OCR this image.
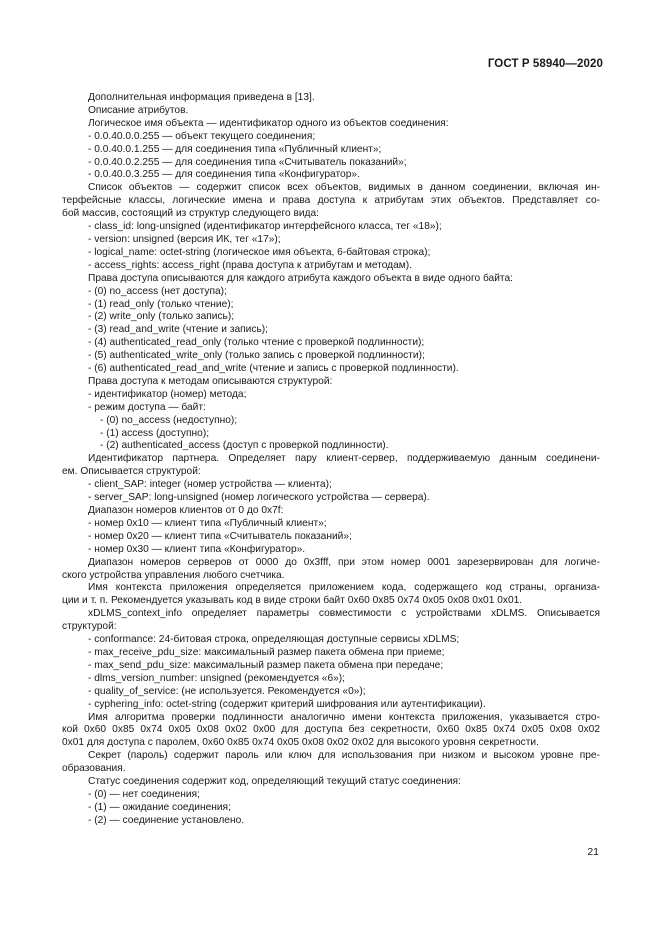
ГОСТ Р 58940—2020

Дополнительная информация приведена в [13].

Описание атрибутов.

Логическое имя объекта — идентификатор одного из объектов соединения:

- 0.0.40.0.0.255 — объект текущего соединения;

- 0.0.40.0.1.255 — для соединения типа «Публичный клиент»;

- 0.0.40.0.2.255 — для соединения типа «Считыватель показаний»;

- 0.0.40.0.3.255 — для соединения типа «Конфигуратор».

Список объектов — содержит список всех объектов, видимых в данном соединении, включая ин-

терфейсные классы, логические имена и права доступа к атрибутам этих объектов. Представляет со-

бой массив, состоящий из структур следующего вида:

- class_id: long-unsigned (идентификатор интерфейсного класса, тег «18»);

- version: unsigned (версия ИК, тег «17»);

- logical_name: octet-string (логическое имя объекта, 6-байтовая строка);

- access_rights: access_right (права доступа к атрибутам и методам).

Права доступа описываются для каждого атрибута каждого объекта в виде одного байта:

- (0) no_access (нет доступа);

- (1) read_only (только чтение);

- (2) write_only (только запись);

- (3) read_and_write (чтение и запись);

- (4) authenticated_read_only (только чтение с проверкой подлинности);

- (5) authenticated_write_only (только запись с проверкой подлинности);

- (6) authenticated_read_and_write (чтение и запись с проверкой подлинности).

Права доступа к методам описываются структурой:

- идентификатор (номер) метода;

- режим доступа — байт:

- (0) no_access (недоступно);

- (1) access (доступно);

- (2) authenticated_access (доступ с проверкой подлинности).

Идентификатор партнера. Определяет пару клиент-сервер, поддерживаемую данным соединени-

ем. Описывается структурой:

- client_SAP: integer (номер устройства — клиента);

- server_SAP: long-unsigned (номер логического устройства — сервера).

Диапазон номеров клиентов от 0 до 0x7f:

- номер 0x10 — клиент типа «Публичный клиент»;

- номер 0x20 — клиент типа «Считыватель показаний»;

- номер 0x30 — клиент типа «Конфигуратор».

Диапазон номеров серверов от 0000 до 0x3fff, при этом номер 0001 зарезервирован для логиче-

ского устройства управления любого счетчика.

Имя контекста приложения определяется приложением кода, содержащего код страны, организа-

ции и т. п. Рекомендуется указывать код в виде строки байт 0x60 0x85 0x74 0x05 0x08 0x01 0x01.

xDLMS_context_info определяет параметры совместимости с устройствами xDLMS. Описывается

структурой:

- conformance: 24-битовая строка, определяющая доступные сервисы xDLMS;

- max_receive_pdu_size: максимальный размер пакета обмена при приеме;

- max_send_pdu_size: максимальный размер пакета обмена при передаче;

- dlms_version_number: unsigned (рекомендуется «6»);

- quality_of_service: (не используется. Рекомендуется «0»);

- cyphering_info: octet-string (содержит критерий шифрования или аутентификации).

Имя алгоритма проверки подлинности аналогично имени контекста приложения, указывается стро-

кой 0x60 0x85 0x74 0x05 0x08 0x02 0x00 для доступа без секретности, 0x60 0x85 0x74 0x05 0x08 0x02

0x01 для доступа с паролем, 0x60 0x85 0x74 0x05 0x08 0x02 0x02 для высокого уровня секретности.

Секрет (пароль) содержит пароль или ключ для использования при низком и высоком уровне пре-

образования.

Статус соединения содержит код, определяющий текущий статус соединения:

- (0) — нет соединения;

- (1) — ожидание соединения;

- (2) — соединение установлено.

21
